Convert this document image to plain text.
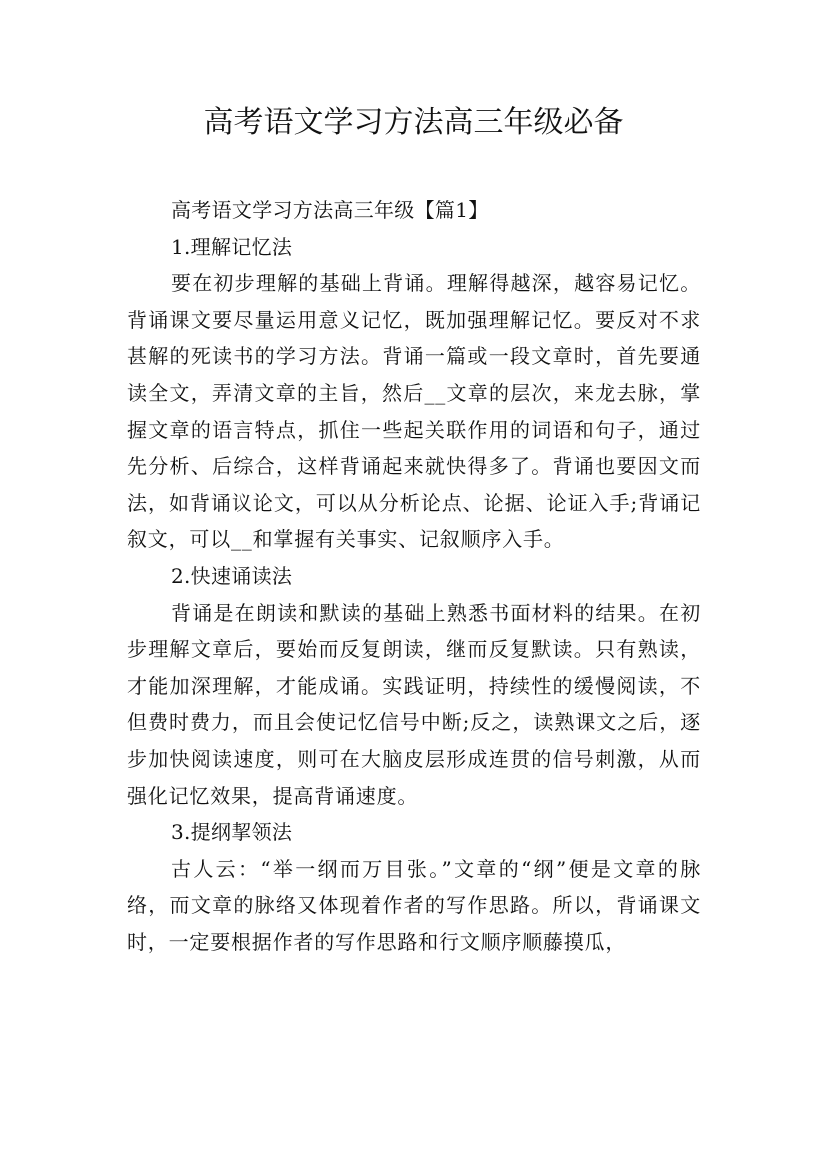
高考语文学习方法高三年级必备

高考语文学习方法高三年级【篇1】

1.理解记忆法

要在初步理解的基础上背诵。理解得越深，越容易记忆。背诵课文要尽量运用意义记忆，既加强理解记忆。要反对不求甚解的死读书的学习方法。背诵一篇或一段文章时，首先要通读全文，弄清文章的主旨，然后__文章的层次，来龙去脉，掌握文章的语言特点，抓住一些起关联作用的词语和句子，通过先分析、后综合，这样背诵起来就快得多了。背诵也要因文而法，如背诵议论文，可以从分析论点、论据、论证入手;背诵记叙文，可以__和掌握有关事实、记叙顺序入手。

2.快速诵读法

背诵是在朗读和默读的基础上熟悉书面材料的结果。在初步理解文章后，要始而反复朗读，继而反复默读。只有熟读，才能加深理解，才能成诵。实践证明，持续性的缓慢阅读，不但费时费力，而且会使记忆信号中断;反之，读熟课文之后，逐步加快阅读速度，则可在大脑皮层形成连贯的信号刺激，从而强化记忆效果，提高背诵速度。

3.提纲挈领法

古人云：“举一纲而万目张。”文章的“纲”便是文章的脉络，而文章的脉络又体现着作者的写作思路。所以，背诵课文时，一定要根据作者的写作思路和行文顺序顺藤摸瓜，
